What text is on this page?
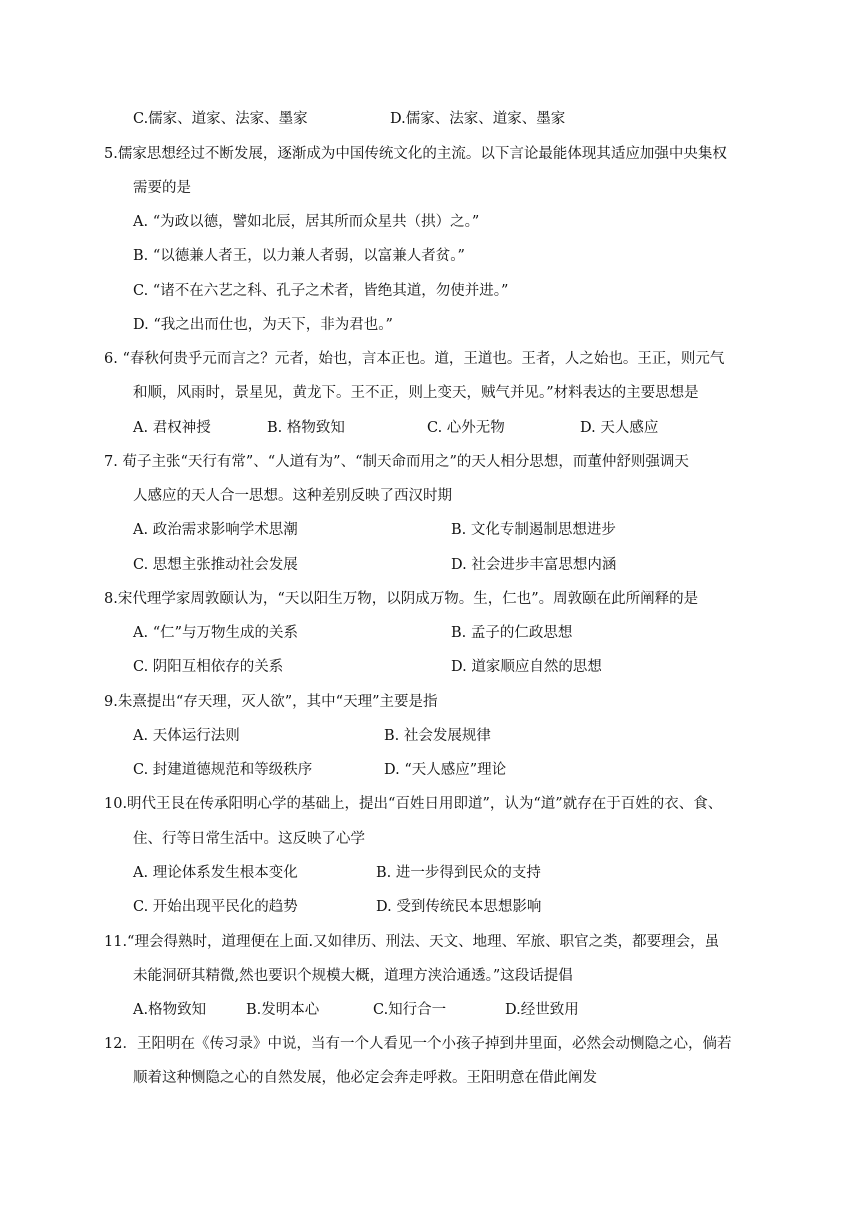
C.儒家、道家、法家、墨家	D.儒家、法家、道家、墨家
5.儒家思想经过不断发展，逐渐成为中国传统文化的主流。以下言论最能体现其适应加强中央集权
需要的是
A. “为政以德，譬如北辰，居其所而众星共（拱）之。”
B. “以德兼人者王，以力兼人者弱，以富兼人者贫。”
C. “诸不在六艺之科、孔子之术者，皆绝其道，勿使并进。”
D. “我之出而仕也，为天下，非为君也。”
6. “春秋何贵乎元而言之？元者，始也，言本正也。道，王道也。王者，人之始也。王正，则元气
和顺，风雨时，景星见，黄龙下。王不正，则上变天，贼气并见。”材料表达的主要思想是
A. 君权神授	B. 格物致知	C. 心外无物	D. 天人感应
7. 荀子主张“天行有常”、“人道有为”、“制天命而用之”的天人相分思想，而董仲舒则强调天
人感应的天人合一思想。这种差别反映了西汉时期
A. 政治需求影响学术思潮	B. 文化专制遏制思想进步
C. 思想主张推动社会发展	D. 社会进步丰富思想内涵
8.宋代理学家周敦颐认为，“天以阳生万物，以阴成万物。生，仁也”。周敦颐在此所阐释的是
A. “仁”与万物生成的关系	B. 孟子的仁政思想
C. 阴阳互相依存的关系	D. 道家顺应自然的思想
9.朱熹提出“存天理，灭人欲”，其中“天理”主要是指
A. 天体运行法则	B. 社会发展规律
C. 封建道德规范和等级秩序	D. “天人感应”理论
10.明代王艮在传承阳明心学的基础上，提出“百姓日用即道”，认为“道”就存在于百姓的衣、食、
住、行等日常生活中。这反映了心学
A. 理论体系发生根本变化	B. 进一步得到民众的支持
C. 开始出现平民化的趋势	D. 受到传统民本思想影响
11.“理会得熟时，道理便在上面.又如律历、刑法、天文、地理、军旅、职官之类，都要理会，虽
未能洞研其精微,然也要识个规模大概，道理方浃洽通透。”这段话提倡
A.格物致知	B.发明本心	C.知行合一	D.经世致用
12．王阳明在《传习录》中说，当有一个人看见一个小孩子掉到井里面，必然会动恻隐之心，倘若
顺着这种恻隐之心的自然发展，他必定会奔走呼救。王阳明意在借此阐发
